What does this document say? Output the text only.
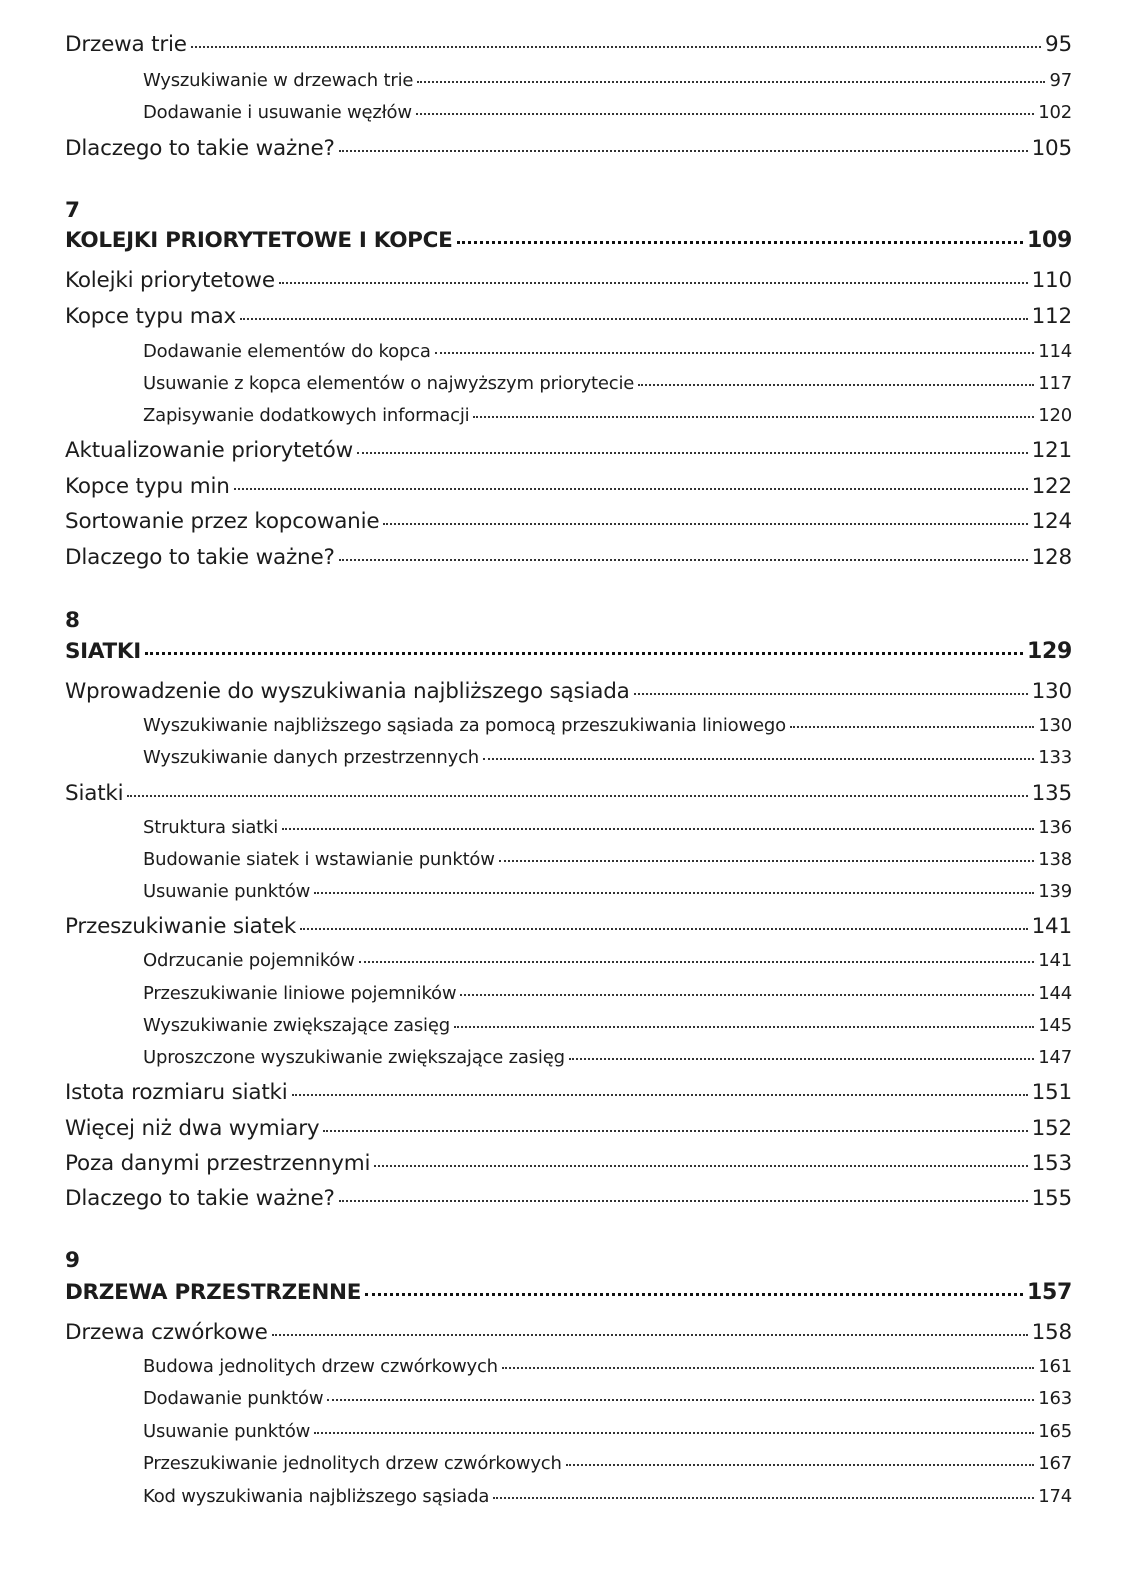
Drzewa trie	95
Wyszukiwanie w drzewach trie	97
Dodawanie i usuwanie węzłów	102
Dlaczego to takie ważne?	105
7
KOLEJKI PRIORYTETOWE I KOPCE	109
Kolejki priorytetowe	110
Kopce typu max	112
Dodawanie elementów do kopca	114
Usuwanie z kopca elementów o najwyższym priorytecie	117
Zapisywanie dodatkowych informacji	120
Aktualizowanie priorytetów	121
Kopce typu min	122
Sortowanie przez kopcowanie	124
Dlaczego to takie ważne?	128
8
SIATKI	129
Wprowadzenie do wyszukiwania najbliższego sąsiada	130
Wyszukiwanie najbliższego sąsiada za pomocą przeszukiwania liniowego	130
Wyszukiwanie danych przestrzennych	133
Siatki	135
Struktura siatki	136
Budowanie siatek i wstawianie punktów	138
Usuwanie punktów	139
Przeszukiwanie siatek	141
Odrzucanie pojemników	141
Przeszukiwanie liniowe pojemników	144
Wyszukiwanie zwiększające zasięg	145
Uproszczone wyszukiwanie zwiększające zasięg	147
Istota rozmiaru siatki	151
Więcej niż dwa wymiary	152
Poza danymi przestrzennymi	153
Dlaczego to takie ważne?	155
9
DRZEWA PRZESTRZENNE	157
Drzewa czwórkowe	158
Budowa jednolitych drzew czwórkowych	161
Dodawanie punktów	163
Usuwanie punktów	165
Przeszukiwanie jednolitych drzew czwórkowych	167
Kod wyszukiwania najbliższego sąsiada	174
